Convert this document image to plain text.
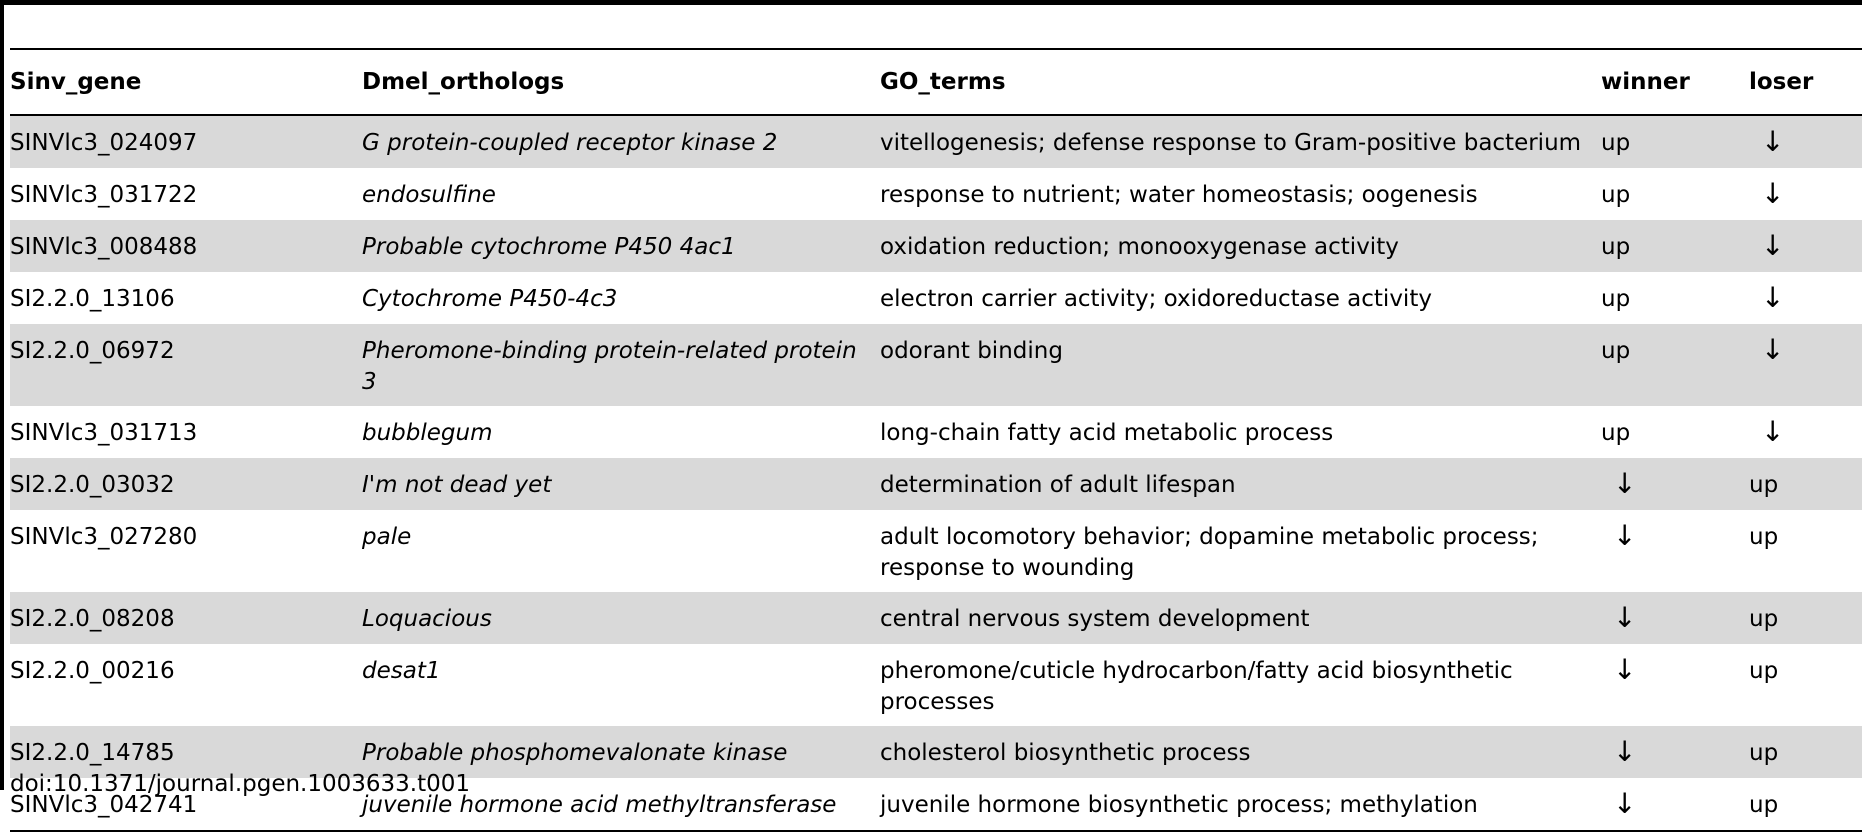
Sinv_gene	Dmel_orthologs	GO_terms	winner	loser
SINVlc3_024097	G protein-coupled receptor kinase 2	vitellogenesis; defense response to Gram-positive bacterium	up	↓
SINVlc3_031722	endosulfine	response to nutrient; water homeostasis; oogenesis	up	↓
SINVlc3_008488	Probable cytochrome P450 4ac1	oxidation reduction; monooxygenase activity	up	↓
SI2.2.0_13106	Cytochrome P450-4c3	electron carrier activity; oxidoreductase activity	up	↓
SI2.2.0_06972	Pheromone-binding protein-related protein 3	odorant binding	up	↓
SINVlc3_031713	bubblegum	long-chain fatty acid metabolic process	up	↓
SI2.2.0_03032	I'm not dead yet	determination of adult lifespan	↓	up
SINVlc3_027280	pale	adult locomotory behavior; dopamine metabolic process; response to wounding	↓	up
SI2.2.0_08208	Loquacious	central nervous system development	↓	up
SI2.2.0_00216	desat1	pheromone/cuticle hydrocarbon/fatty acid biosynthetic processes	↓	up
SI2.2.0_14785	Probable phosphomevalonate kinase	cholesterol biosynthetic process	↓	up
SINVlc3_042741	juvenile hormone acid methyltransferase	juvenile hormone biosynthetic process; methylation	↓	up
doi:10.1371/journal.pgen.1003633.t001
